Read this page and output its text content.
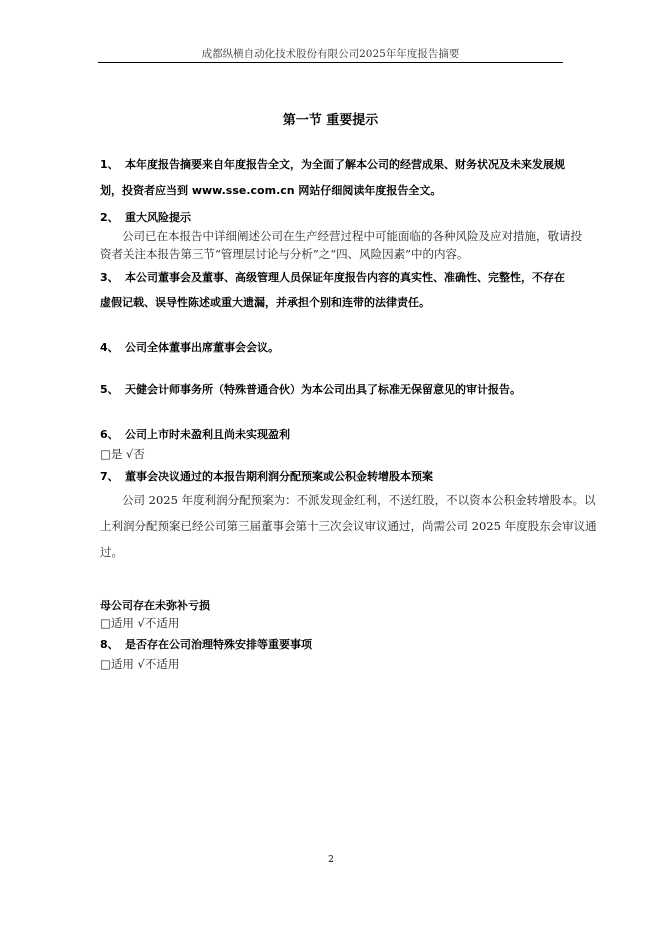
成都纵横自动化技术股份有限公司2025年年度报告摘要
第一节 重要提示
1、 本年度报告摘要来自年度报告全文，为全面了解本公司的经营成果、财务状况及未来发展规
划，投资者应当到 www.sse.com.cn 网站仔细阅读年度报告全文。
2、 重大风险提示
公司已在本报告中详细阐述公司在生产经营过程中可能面临的各种风险及应对措施，敬请投
资者关注本报告第三节“管理层讨论与分析”之“四、风险因素”中的内容。
3、 本公司董事会及董事、高级管理人员保证年度报告内容的真实性、准确性、完整性，不存在
虚假记载、误导性陈述或重大遗漏，并承担个别和连带的法律责任。
4、 公司全体董事出席董事会会议。
5、 天健会计师事务所（特殊普通合伙）为本公司出具了标准无保留意见的审计报告。
6、 公司上市时未盈利且尚未实现盈利
□是 √否
7、 董事会决议通过的本报告期利润分配预案或公积金转增股本预案
公司 2025 年度利润分配预案为：不派发现金红利，不送红股，不以资本公积金转增股本。以
上利润分配预案已经公司第三届董事会第十三次会议审议通过，尚需公司 2025 年度股东会审议通
过。
母公司存在未弥补亏损
□适用 √不适用
8、 是否存在公司治理特殊安排等重要事项
□适用 √不适用
2
